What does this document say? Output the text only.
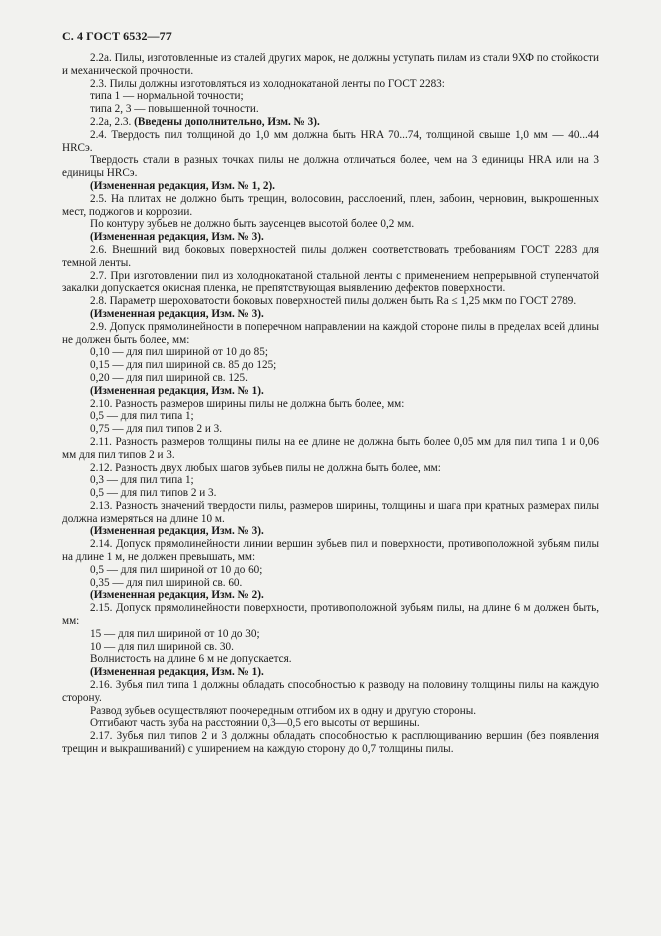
С. 4 ГОСТ 6532—77
2.2а. Пилы, изготовленные из сталей других марок, не должны уступать пилам из стали 9ХФ по стойкости и механической прочности.
2.3. Пилы должны изготовляться из холоднокатаной ленты по ГОСТ 2283:
типа 1 — нормальной точности;
типа 2, 3 — повышенной точности.
2.2а, 2.3. (Введены дополнительно, Изм. № 3).
2.4. Твердость пил толщиной до 1,0 мм должна быть HRA 70...74, толщиной свыше 1,0 мм — 40...44 HRCэ.
Твердость стали в разных точках пилы не должна отличаться более, чем на 3 единицы HRA или на 3 единицы HRCэ.
(Измененная редакция, Изм. № 1, 2).
2.5. На плитах не должно быть трещин, волосовин, расслоений, плен, забоин, черновин, выкрошенных мест, поджогов и коррозии.
По контуру зубьев не должно быть заусенцев высотой более 0,2 мм.
(Измененная редакция, Изм. № 3).
2.6. Внешний вид боковых поверхностей пилы должен соответствовать требованиям ГОСТ 2283 для темной ленты.
2.7. При изготовлении пил из холоднокатаной стальной ленты с применением непрерывной ступенчатой закалки допускается окисная пленка, не препятствующая выявлению дефектов поверхности.
2.8. Параметр шероховатости боковых поверхностей пилы должен быть Ra ≤ 1,25 мкм по ГОСТ 2789.
(Измененная редакция, Изм. № 3).
2.9. Допуск прямолинейности в поперечном направлении на каждой стороне пилы в пределах всей длины не должен быть более, мм:
0,10 — для пил шириной от 10 до 85;
0,15 — для пил шириной св. 85 до 125;
0,20 — для пил шириной св. 125.
(Измененная редакция, Изм. № 1).
2.10. Разность размеров ширины пилы не должна быть более, мм:
0,5 — для пил типа 1;
0,75 — для пил типов 2 и 3.
2.11. Разность размеров толщины пилы на ее длине не должна быть более 0,05 мм для пил типа 1 и 0,06 мм для пил типов 2 и 3.
2.12. Разность двух любых шагов зубьев пилы не должна быть более, мм:
0,3 — для пил типа 1;
0,5 — для пил типов 2 и 3.
2.13. Разность значений твердости пилы, размеров ширины, толщины и шага при кратных размерах пилы должна измеряться на длине 10 м.
(Измененная редакция, Изм. № 3).
2.14. Допуск прямолинейности линии вершин зубьев пил и поверхности, противоположной зубьям пилы на длине 1 м, не должен превышать, мм:
0,5 — для пил шириной от 10 до 60;
0,35 — для пил шириной св. 60.
(Измененная редакция, Изм. № 2).
2.15. Допуск прямолинейности поверхности, противоположной зубьям пилы, на длине 6 м должен быть, мм:
15 — для пил шириной от 10 до 30;
10 — для пил шириной св. 30.
Волнистость на длине 6 м не допускается.
(Измененная редакция, Изм. № 1).
2.16. Зубья пил типа 1 должны обладать способностью к разводу на половину толщины пилы на каждую сторону.
Развод зубьев осуществляют поочередным отгибом их в одну и другую стороны.
Отгибают часть зуба на расстоянии 0,3—0,5 его высоты от вершины.
2.17. Зубья пил типов 2 и 3 должны обладать способностью к расплющиванию вершин (без появления трещин и выкрашиваний) с уширением на каждую сторону до 0,7 толщины пилы.
